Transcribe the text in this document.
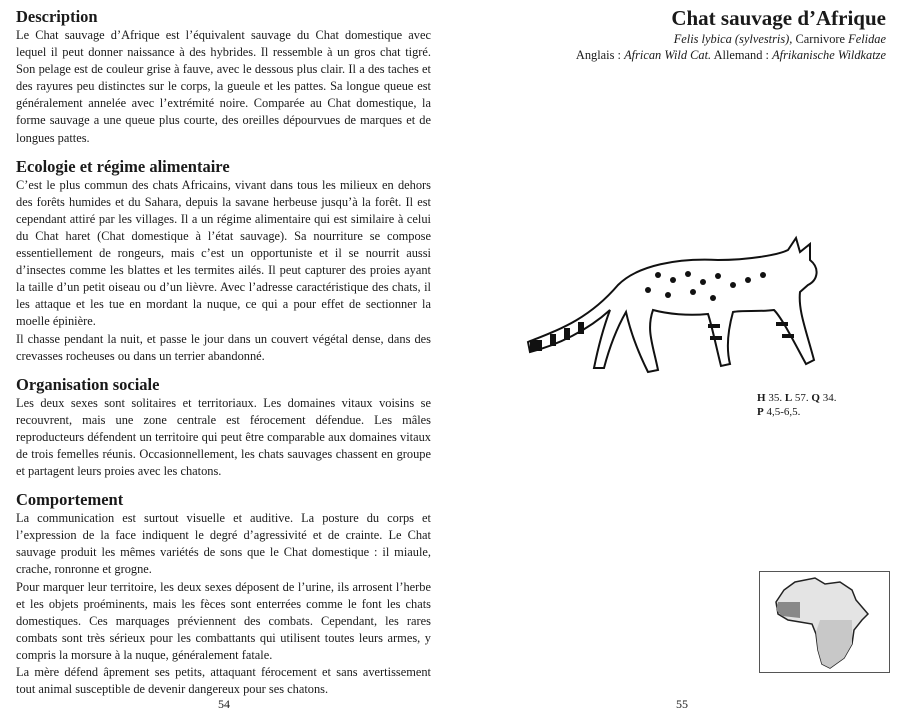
Description

Le Chat sauvage d’Afrique est l’équivalent sauvage du Chat domestique avec lequel il peut donner naissance à des hybrides. Il ressemble à un gros chat tigré. Son pelage est de couleur grise à fauve, avec le dessous plus clair. Il a des taches et des rayures peu distinctes sur le corps, la gueule et les pattes. Sa longue queue est généralement annelée avec l’extrémité noire. Comparée au Chat domestique, la forme sauvage a une queue plus courte, des oreilles dépourvues de marques et de longues pattes.

Ecologie et régime alimentaire

C’est le plus commun des chats Africains, vivant dans tous les milieux en dehors des forêts humides et du Sahara, depuis la savane herbeuse jusqu’à la forêt. Il est cependant attiré par les villages. Il a un régime alimentaire qui est similaire à celui du Chat haret (Chat domestique à l’état sauvage). Sa nourriture se compose essentiellement de rongeurs, mais c’est un opportuniste et il se nourrit aussi d’insectes comme les blattes et les termites ailés. Il peut capturer des proies ayant la taille d’un petit oiseau ou d’un lièvre. Avec l’adresse caractéristique des chats, il les attaque et les tue en mordant la nuque, ce qui a pour effet de sectionner la moelle épinière.

Il chasse pendant la nuit, et passe le jour dans un couvert végétal dense, dans des crevasses rocheuses ou dans un terrier abandonné.

Organisation sociale

Les deux sexes sont solitaires et territoriaux. Les domaines vitaux voisins se recouvrent, mais une zone centrale est férocement défendue. Les mâles reproducteurs défendent un territoire qui peut être comparable aux domaines vitaux de trois femelles réunis. Occasionnellement, les chats sauvages chassent en groupe et partagent leurs proies avec les chatons.

Comportement

La communication est surtout visuelle et auditive. La posture du corps et l’expression de la face indiquent le degré d’agressivité et de crainte. Le Chat sauvage produit les mêmes variétés de sons que le Chat domestique : il miaule, crache, ronronne et grogne.

Pour marquer leur territoire, les deux sexes déposent de l’urine, ils arrosent l’herbe et les objets proéminents, mais les fèces sont enterrées comme le font les chats domestiques. Ces marquages préviennent des combats. Cependant, les rares combats sont très sérieux pour les combattants qui utilisent toutes leurs armes, y compris la morsure à la nuque, généralement fatale.

La mère défend âprement ses petits, attaquant férocement et sans avertissement tout animal susceptible de devenir dangereux pour ses chatons.

54
Chat sauvage d’Afrique
Felis lybica (sylvestris), Carnivore Felidae
Anglais : African Wild Cat. Allemand : Afrikanische Wildkatze
H 35. L 57. Q 34.
P 4,5-6,5.
55
